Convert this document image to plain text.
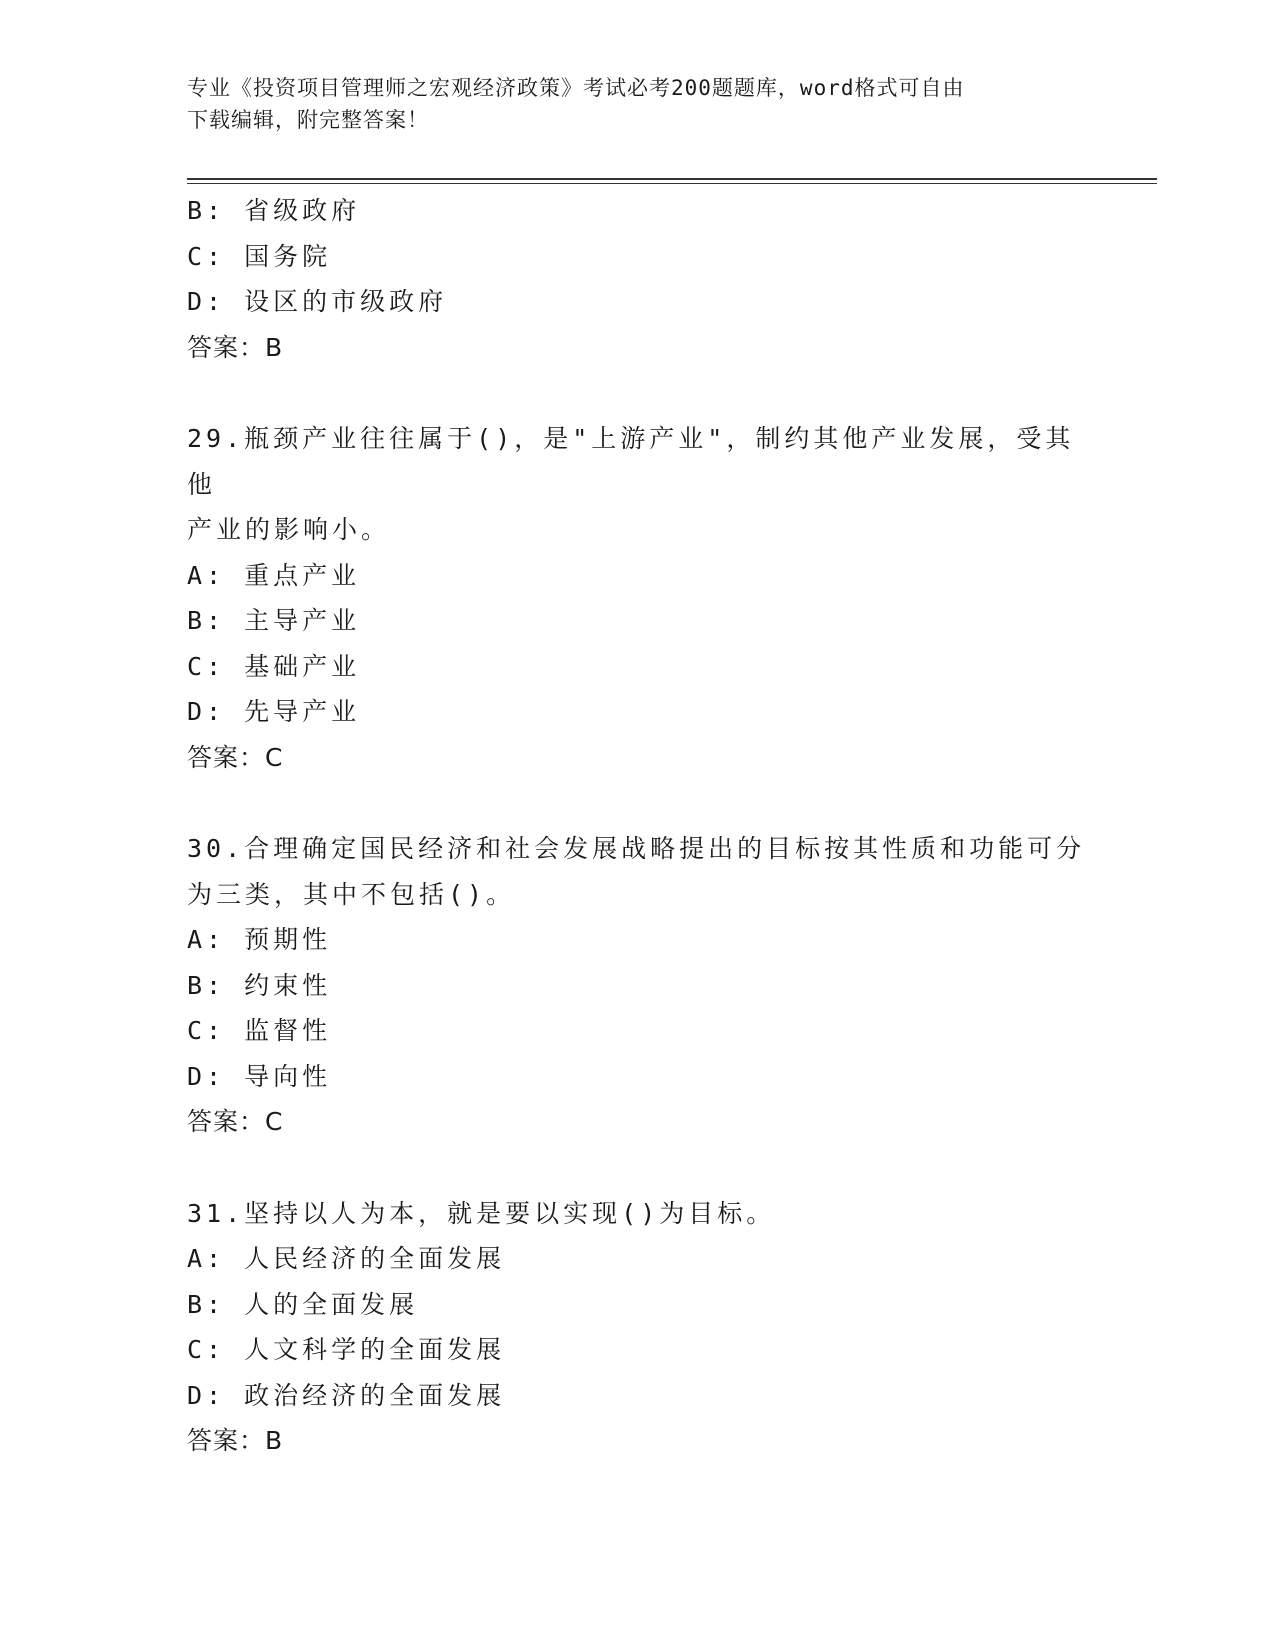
专业《投资项目管理师之宏观经济政策》考试必考200题题库，word格式可自由
下载编辑，附完整答案！
B: 省级政府
C: 国务院
D: 设区的市级政府
答案：B
29.瓶颈产业往往属于()，是"上游产业"，制约其他产业发展，受其他
产业的影响小。
A: 重点产业
B: 主导产业
C: 基础产业
D: 先导产业
答案：C
30.合理确定国民经济和社会发展战略提出的目标按其性质和功能可分
为三类，其中不包括()。
A: 预期性
B: 约束性
C: 监督性
D: 导向性
答案：C
31.坚持以人为本，就是要以实现()为目标。
A: 人民经济的全面发展
B: 人的全面发展
C: 人文科学的全面发展
D: 政治经济的全面发展
答案：B
